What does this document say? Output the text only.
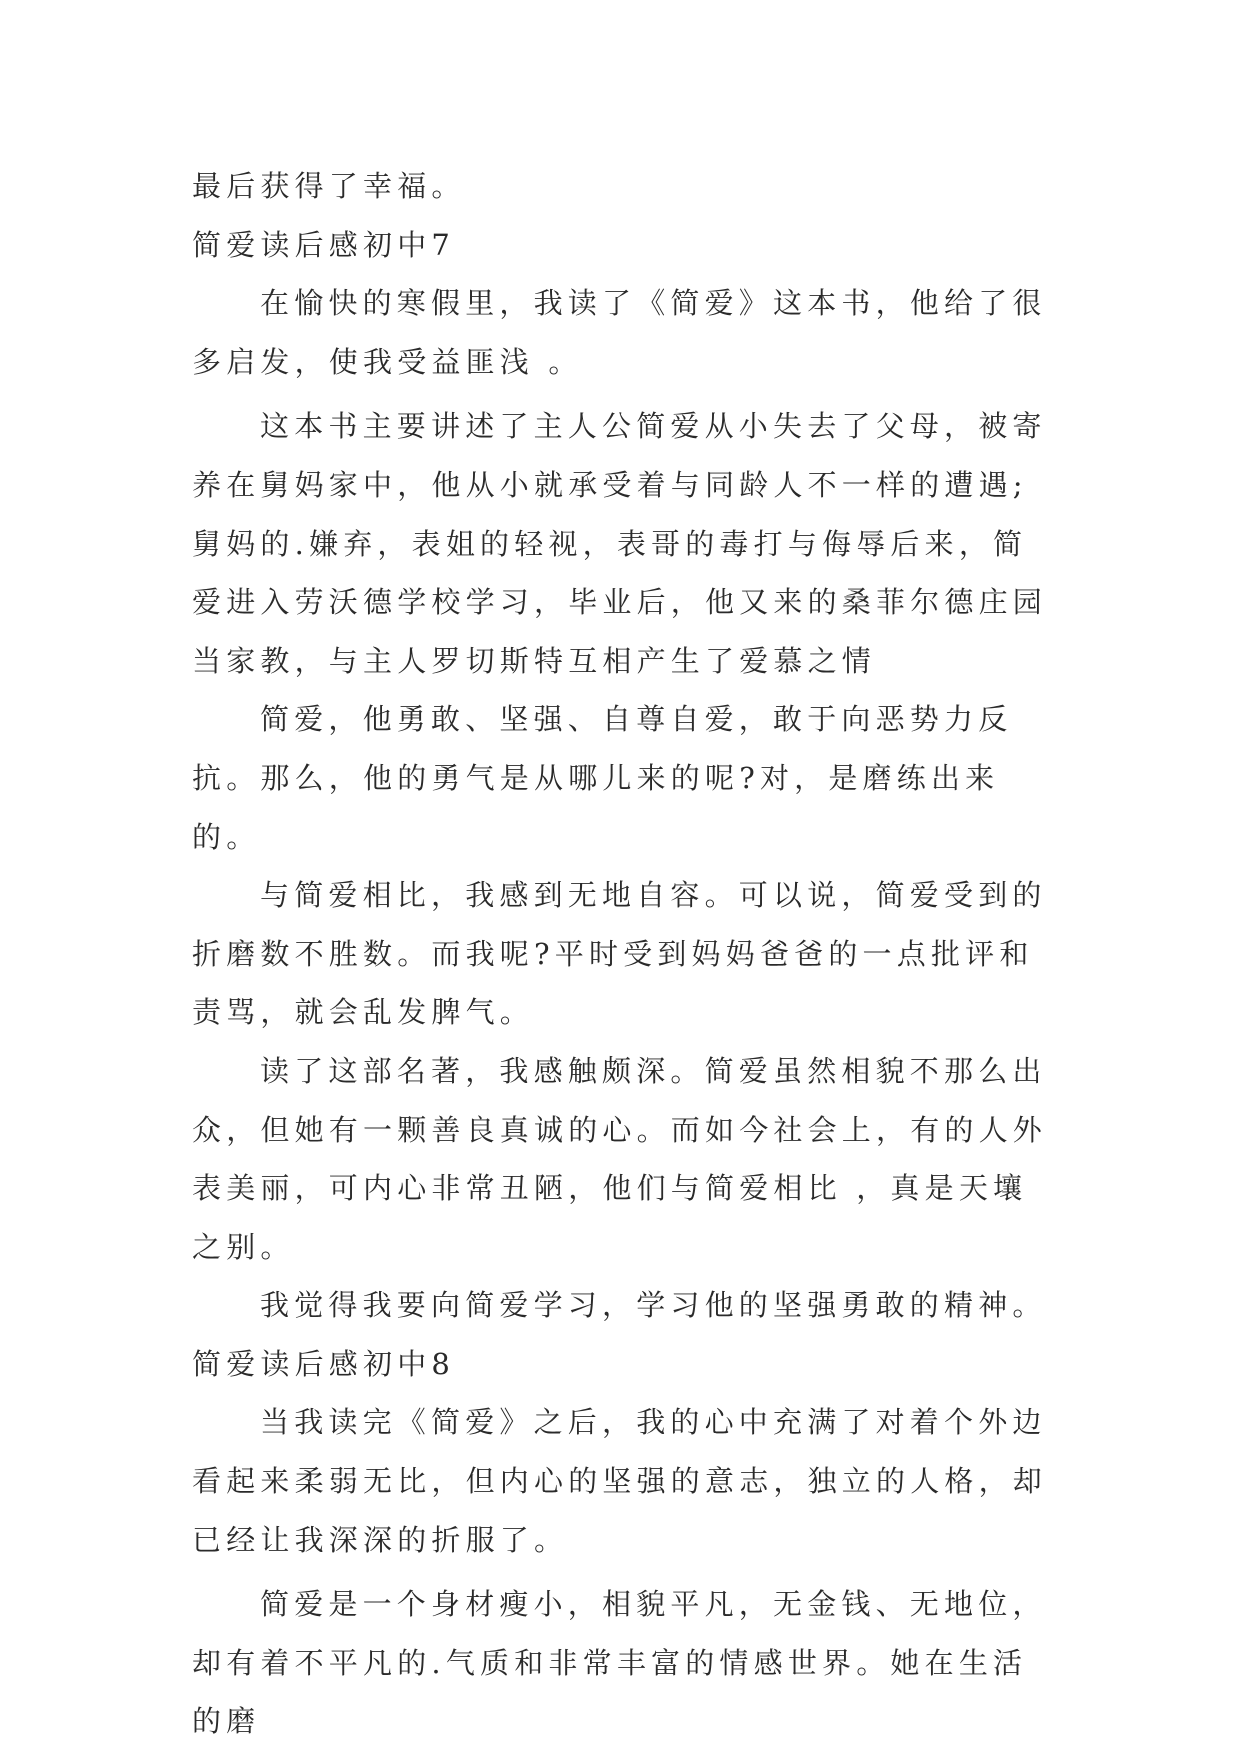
最后获得了幸福。

简爱读后感初中7

在愉快的寒假里，我读了《简爱》这本书，他给了很多启发，使我受益匪浅 。

这本书主要讲述了主人公简爱从小失去了父母，被寄养在舅妈家中，他从小就承受着与同龄人不一样的遭遇;舅妈的.嫌弃，表姐的轻视，表哥的毒打与侮辱后来，简爱进入劳沃德学校学习，毕业后，他又来的桑菲尔德庄园当家教，与主人罗切斯特互相产生了爱慕之情

简爱，他勇敢、坚强、自尊自爱，敢于向恶势力反抗。那么，他的勇气是从哪儿来的呢?对，是磨练出来的。

与简爱相比，我感到无地自容。可以说，简爱受到的折磨数不胜数。而我呢?平时受到妈妈爸爸的一点批评和责骂，就会乱发脾气。

读了这部名著，我感触颇深。简爱虽然相貌不那么出众，但她有一颗善良真诚的心。而如今社会上，有的人外表美丽，可内心非常丑陋，他们与简爱相比 ，真是天壤之别。

我觉得我要向简爱学习，学习他的坚强勇敢的精神。

简爱读后感初中8

当我读完《简爱》之后，我的心中充满了对着个外边看起来柔弱无比，但内心的坚强的意志，独立的人格，却已经让我深深的折服了。

简爱是一个身材瘦小，相貌平凡，无金钱、无地位，却有着不平凡的.气质和非常丰富的情感世界。她在生活的磨
